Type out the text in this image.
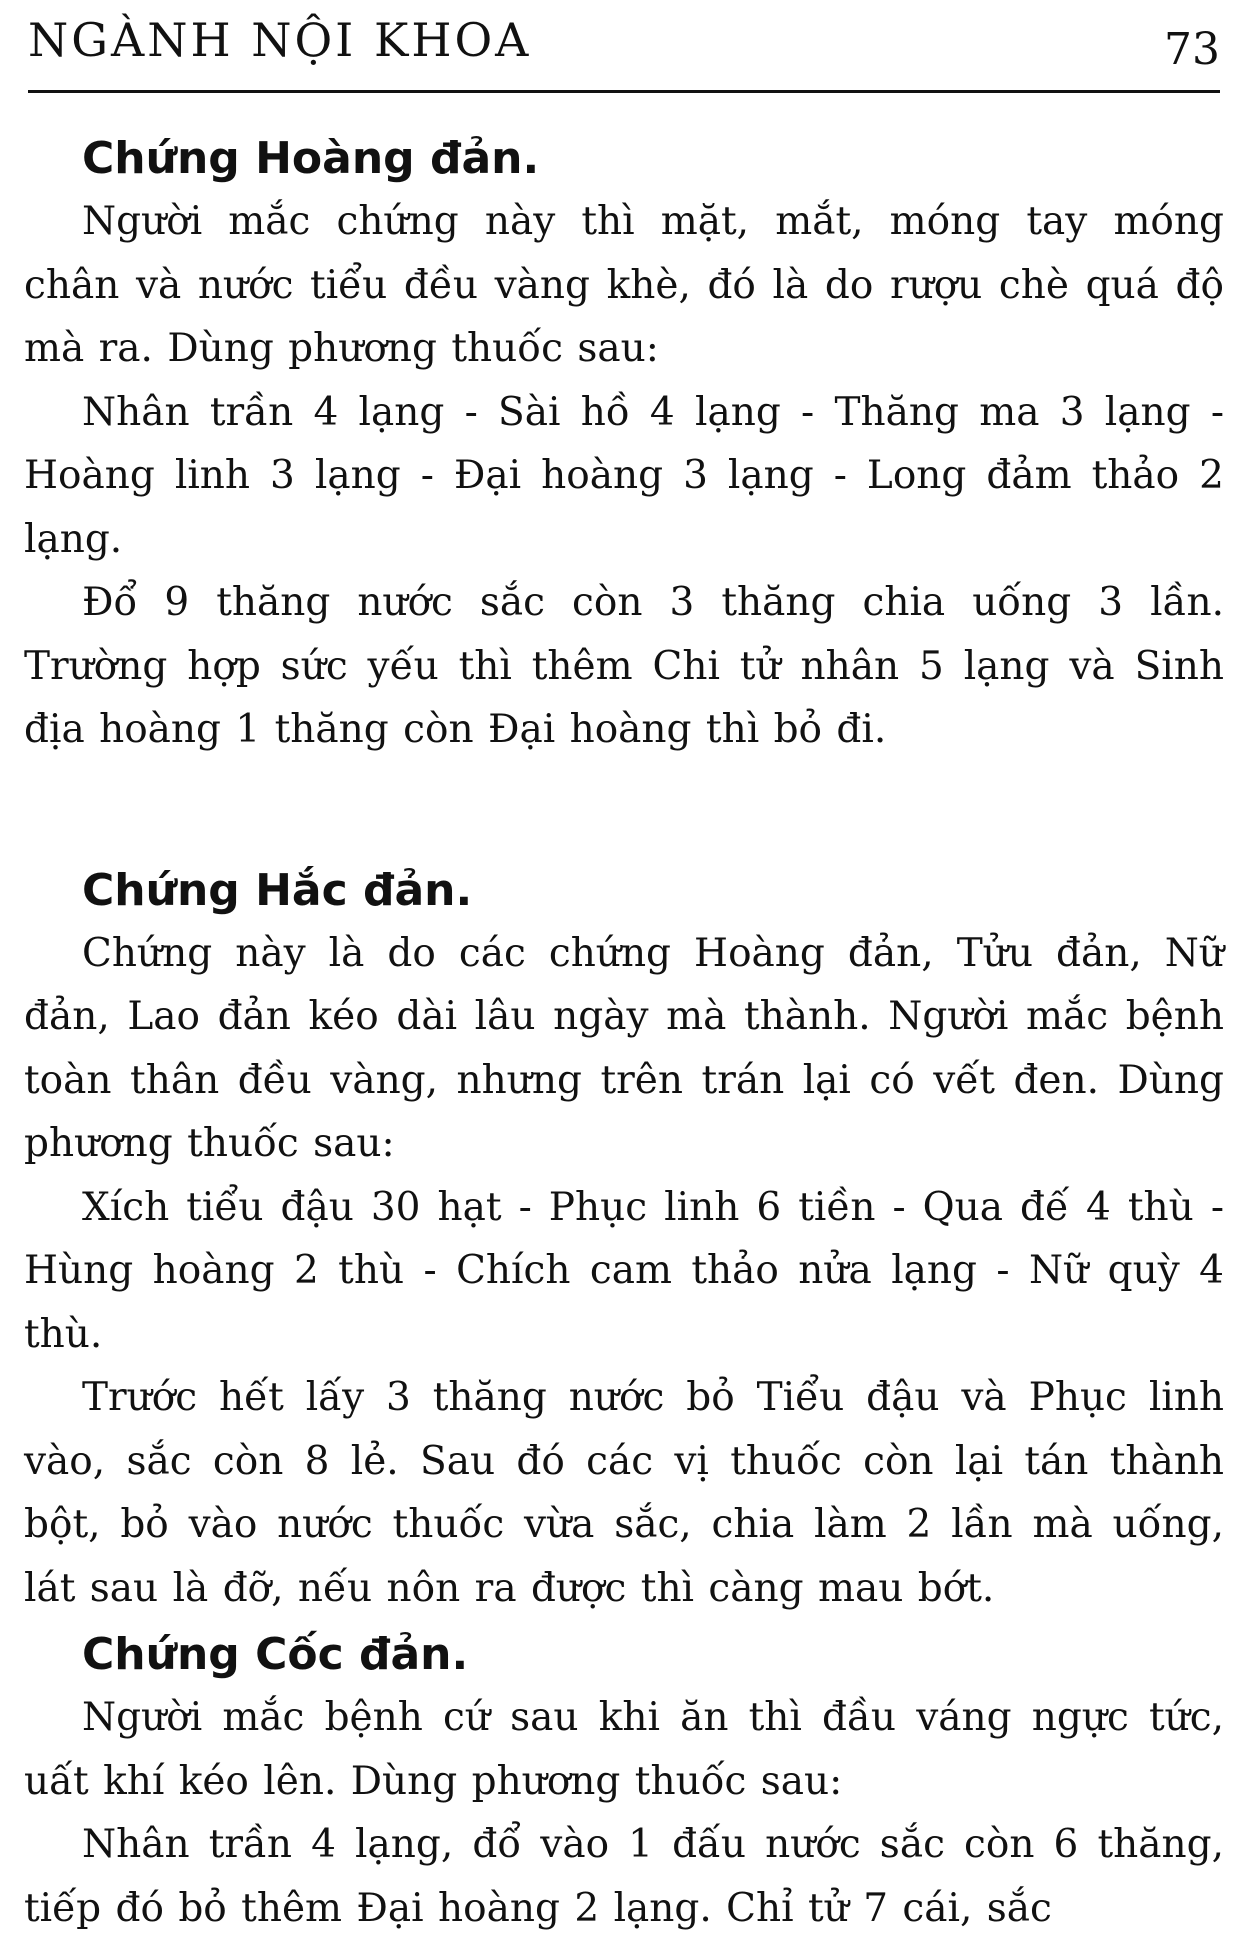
NGÀNH NỘI KHOA	73
Chứng Hoàng đản.

Người mắc chứng này thì mặt, mắt, móng tay móng chân và nước tiểu đều vàng khè, đó là do rượu chè quá độ mà ra. Dùng phương thuốc sau:

Nhân trần 4 lạng - Sài hồ 4 lạng - Thăng ma 3 lạng - Hoàng linh 3 lạng - Đại hoàng 3 lạng - Long đảm thảo 2 lạng.

Đổ 9 thăng nước sắc còn 3 thăng chia uống 3 lần. Trường hợp sức yếu thì thêm Chi tử nhân 5 lạng và Sinh địa hoàng 1 thăng còn Đại hoàng thì bỏ đi.

Chứng Hắc đản.

Chứng này là do các chứng Hoàng đản, Tửu đản, Nữ đản, Lao đản kéo dài lâu ngày mà thành. Người mắc bệnh toàn thân đều vàng, nhưng trên trán lại có vết đen. Dùng phương thuốc sau:

Xích tiểu đậu 30 hạt - Phục linh 6 tiền - Qua đế 4 thù - Hùng hoàng 2 thù - Chích cam thảo nửa lạng - Nữ quỳ 4 thù.

Trước hết lấy 3 thăng nước bỏ Tiểu đậu và Phục linh vào, sắc còn 8 lẻ. Sau đó các vị thuốc còn lại tán thành bột, bỏ vào nước thuốc vừa sắc, chia làm 2 lần mà uống, lát sau là đỡ, nếu nôn ra được thì càng mau bớt.

Chứng Cốc đản.

Người mắc bệnh cứ sau khi ăn thì đầu váng ngực tức, uất khí kéo lên. Dùng phương thuốc sau:

Nhân trần 4 lạng, đổ vào 1 đấu nước sắc còn 6 thăng, tiếp đó bỏ thêm Đại hoàng 2 lạng. Chỉ tử 7 cái, sắc
